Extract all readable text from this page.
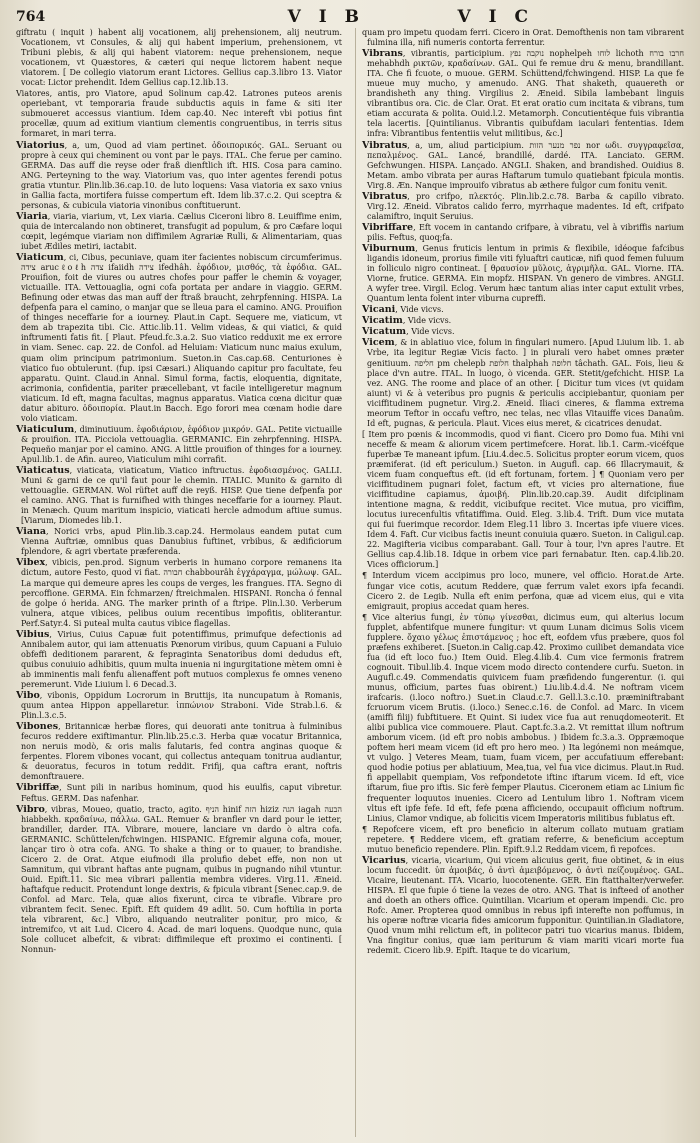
764	V I B	V I C

giftratu ( inquit ) habent alij vocationem, alij prehensionem, alij neutrum. Vocationem, vt Consules, & alij qui habent imperium, prehensionem, vt Tribuni plebis, & alij qui habent viatorem: neque prehensionem, neque vocationem, vt Quæstores, & cæteri qui neque lictorem habent neque viatorem. [ De collegio viatorum erant Lictores. Gellius cap.3.libro 13. Viator vocat: Lictor prehendit. Idem Gellius cap.12.lib.13.

Viatores, antis, pro Viatore, apud Solinum cap.42. Latrones puteos arenis operiebant, vt temporaria fraude subductis aquis in fame & siti iter submoueret accessus viantium. Idem cap.40. Nec intereft vbi potius fint procellæ, quum ad exitium viantium clementis congruentibus, in terris situs formaret, in mari terra.

Viatorius, a, um, Quod ad viam pertinet. ὁδοιπορικός. GAL. Seruant ou propre à ceux qui cheminent ou vont par le pays. ITAL. Che ferue per camino. GERMA. Das auff die reyse oder fraß dienftlich ift. HIS. Cosa para camino. ANG. Perteyning to the way. Viatorium vas, quo inter agentes ferendi potus gratia vtuntur. Plin.lib.36.cap.10. de luto loquens: Vasa viatoria ex saxo vnius in Gallia facta, mortifera fuisse compertum eft. Idem lib.37.c.2. Qui sceptra & personas, & cubicula viatoria vinonibus conftituerunt.

Viaria, viaria, viarium, vt, Lex viaria. Cælius Ciceroni libro 8. Leuiffime enim, quia de intercalando non obtineret, transfugit ad populum, & pro Cæfare loqui cœpit, legémque viariam non diffimilem Agrariæ Rulli, & Alimentariam, quas iubet Ædiles metiri, iactabit.

Viaticum, ci, Cibus, pecuniave, quam iter facientes nobiscum circumferimus. צידה arucℓoℓh צדה ifaiidh צידה ifedhâh. ἐφόδιον, μισθός, τὰ ἐφόδια. GAL. Prouifion, foit de viures ou autres chofes pour paffer le chemin & voyager, victuaille. ITA. Vettouaglia, ogni cofa portata per andare in viaggio. GERM. Befinung oder etwas das man auff der ftraß braucht, zehrpfenning. HISPA. La defpenfa para el camino, o manjar que se lleua para el camino. ANG. Prouifion of thinges neceffarie for a iourney. Plaut.in Capt. Sequere me, viaticum, vt dem ab trapezita tibi. Cic. Attic.lib.11. Velim videas, & qui viatici, & quid inftrumenti fatis fit. [ Plaut. Pfeud.fc.3.a.2. Suo viatico redduxit me ex errore in viam. Senec. cap. 22. de Confol. ad Heluiam: Viaticum nunc maius exulum, quam olim principum patrimonium. Sueton.in Cas.cap.68. Centuriones è viatico fuo obtulerunt. (fup. ipsi Cæsari.) Aliquando capitur pro facultate, feu apparatu. Quint. Claud.in Annal. Simul forma, factis, eloquentia, dignitate, acrimonia, confidentia, pariter præcellebant, vt facile intelligeretur magnum viaticum. Id eft, magna facultas, magnus apparatus. Viatica cœna dicitur quæ datur abituro. ὁδοιπορία. Plaut.in Bacch. Ego forori mea cœnam hodie dare volo viaticam.

Viaticulum, diminutiuum. ἐφοδιάριον, ἐφόδιον μικρόν. GAL. Petite victuaille & prouifion. ITA. Picciola vettouaglia. GERMANIC. Ein zehrpfenning. HISPA. Pequeño manjar por el camino. ANG. A little prouifion of thinges for a iourney. Apul.lib.1. de Afin. aureo, Viaticulum mihi corrafit.

Viaticatus, viaticata, viaticatum, Viatico inftructus. ἐφοδιασμένος. GALLI. Muni & garni de ce qu'il faut pour le chemin. ITALIC. Munito & garnito di vettouaglie. GERMAN. Wol rüftet auff die reyß. HISP. Que tiene defpenfa por el camino. ANG. That is furnifhed with thinges neceffarie for a iourney. Plaut. in Menæch. Quum maritum inspicio, viaticati hercle admodum aftiue sumus. [Viarum, Diomedes lib.1.

Viana, Norici vrbs, apud Plin.lib.3.cap.24. Hermolaus eandem putat cum Vienna Auftriæ, omnibus quas Danubius fuftinet, vrbibus, & ædificiorum fplendore, & agri vbertate præferenda.

Vibex, vibicis, pen.prod. Signum verberis in humano corpore remanens ita dictum, autore Festo, quod vi fiat. חבורה chabbourâh ἐγχάραγμα, μώλωψ. GAL. La marque qui demeure apres les coups de verges, les frangues. ITA. Segno di percoffione. GERMA. Ein fchmarzen/ ftreichmalen. HISPANI. Roncha ó fennal de golpe ó herida. ANG. The marker printh of a ftripe. Plin.l.30. Verberum vulnera, atque vibices, pelibus ouium recentibus impofitis, obliterantur. Perf.Satyr.4. Si puteal multa cautus vibice flagellas.

Vibius, Virius, Cuius Capuæ fuit potentiffimus, primufque defectionis ad Annibalem autor, qui iam attenuatis Pœnorum viribus, quum Capuani a Fuluio obfeffi deditionem pararent, & fepraginta Senatoribus domi dedudus eft, quibus conuiuio adhibitis, quum multa inuenia ni ingurgitatione mètem omni è ab imminentis mali fenfu alienaffent poft mutuos complexus fe omnes veneno peremerunt. Vide Liuium l. 6 Decad.3.

Vibo, vibonis, Oppidum Locrorum in Bruttijs, ita nuncupatum à Romanis, quum antea Hippon appellaretur. ἱππώνιον Straboni. Vide Strab.l.6. & Plin.l.3.c.5.

Vibones, Britannicæ herbæ flores, qui deuorati ante tonitrua à fulminibus fecuros reddere exiftimantur. Plin.lib.25.c.3. Herba quæ vocatur Britannica, non neruis modò, & oris malis falutaris, fed contra anginas quoque & ferpentes. Florem vibones vocant, qui collectus antequam tonitrua audiantur, & deuoratus, fecuros in totum reddit. Frifij, qua caftra erant, noftris demonftrauere.

Vibriffæ, Sunt pili in naribus hominum, quod his euulfis, caput vibretur. Feftus. GERM. Das nafenhar.

Vibro, vibras, Moueo, quatio, tracto, agito. הניף hinif הזה hiziz הגה iagah הבעה hiabbekh. κραδαίνω, πάλλω. GAL. Remuer & branfler vn dard pour le ietter, brandiller, darder. ITA. Vibrare, mouere, lanciare vn dardo ò altra cofa. GERMANIC. Schüttelen/fchwingen. HISPANIC. Efgremir alguna cofa, mouer, lançar tiro ò otra cofa. ANG. To shake a thing or to quauer, to brandishe. Cicero 2. de Orat. Atque eiufmodi illa prolufio debet effe, non non ut Samnitum, qui vibrant haftas ante pugnam, quibus in pugnando nihil vtuntur. Ouid. Epift.11. Sic mea vibrari pallentia membra videres. Virg.11. Æneid. haftafque reducit. Protendunt longe dextris, & fpicula vibrant [Senec.cap.9. de Confol. ad Marc. Tela, quæ alios fixerunt, circa te vibrafle. Vibrare pro vibrantem fecit. Senec. Epift. Eft quidem 49 adlit. 50. Cum hoftilia in porta tela vibrarent, &c.] Vibro, aliquando neutraliter ponitur, pro mico, & intremifco, vt ait Lud. Cicero 4. Acad. de mari loquens. Quodque nunc, quia Sole collucet albefcit, & vibrat: diffimileque eft proximo ei continenti. [ Nonnun-

quam pro impetu quodam ferri. Cicero in Orat. Demofthenis non tam vibrarent fulmina illa, nifi numeris contorta ferrentur.

Vibrans, vibrantis, participium. נוקבה נפץ nophelpeh לוחו lichoth חרבו בורח mehabhdh ρικτῶν, κραδαίνων. GAL. Qui fe remue dru & menu, brandillant. ITA. Che fi fcuote, o muoue. GERM. Schüttend/fchwingend. HISP. La que fe mueue muy mucho, y amenudo. ANG. That shaketh, quauereth or brandisheth any thing. Virgilius 2. Æneid. Sibila lambebant linguis vibrantibus ora. Cic. de Clar. Orat. Et erat oratio cum incitata & vibrans, tum etiam accurata & polita. Ouid.l.2. Metamorph. Concutientéque fuis vibrantia tela lacertis. [Quintilianus. Vibrantis quibufdam iaculari fententias. Idem infra: Vibrantibus fententiis velut militibus, &c.]

Vibratus, a, um, aliud participium. נפר מנער הזות nor ωδι. συγγραφεῖσα, πεπαλμένος. GAL. Lancé, brandillé, dardé. ITA. Lanciato. GERM. Gefchwungen. HISPA. Lançado. ANGLI. Shaken, and brandished. Ouidius 8. Metam. ambo vibrata per auras Haftarum tumulo quatiebant fpicula montis. Virg.8. Æn. Nanque improuifo vibratus ab æthere fulgor cum fonitu venit.

Vibratus, pro crifpo, πλεκτός. Plin.lib.2.c.78. Barba & capillo vibrato. Virg.12. Æneid. Vibratos calido ferro, myrrhaque madentes. Id eft, crifpato calamiftro, inquit Seruius.

Vibriffare, Eft vocem in cantando crifpare, à vibratu, vel à vibriffis narium pilis. Feftus, quoq;fa.

Viburnum, Genus fruticis lentum in primis & flexibile, idéoque fafcibus ligandis idoneum, prorius fimile viti fyluaftri cauticæ, nifi quod femen fuluum in folliculo nigro contineat. [ θραυσίον μῦλοις, ἀγριμῆλα. GAL. Viorne. ITA. Viorne, frutice. GERMA. Ein mopfz. HISPAN. Vn genero de vimbres. ANGLI. A wyfer tree. Virgil. Eclog. Verum hæc tantum alias inter caput extulit vrbes, Quantum lenta folent inter viburna cupreffi.

Vicani, Vide vicvs.

Vicatim, Vide vicvs.

Vicatum, Vide vicvs.

Vicem, & in ablatiuo vice, folum in fingulari numero. [Apud Liuium lib. 1. ab Vrbe, ita legitur Regiæ Vicis facto. ] in plurali vero habet omnes præter genitiuum. חליפה pm chelepb חלופת thalphah חלופה tâchath. GAL. Fois, lieu & place d'vn autre. ITAL. In luogo, ò vicenda. GER. Stetit/gefchicht. HISP. La vez. ANG. The roome and place of an other. [ Dicitur tum vices (vt quidam aiunt) vi & à veteribus pro pugnis & periculis accipiebantur, quoniam per viciffitudinem pugnetur. Virg.2. Æneid. Iliaci cineres, & flamma extrema meorum Teftor in occafu veftro, nec telas, nec vllas Vitauiffe vices Danaûm. Id eft, pugnas, & pericula. Plaut. Vices eius meret, & cicatrices denudat.

[ Item pro pœnis & incommodis, quod vi fiant. Cicero pro Domo fua. Mihi vni neceffe & meam & aliorum vicem pertimefcere. Horat. lib.1. Carm.-vicéfque fuperbæ Te maneant ipfum. [Liu.4.dec.5. Solicitus propter eorum vicem, quos præmiferat. (id eft periculum.) Sueton. in Augufl. cap. 66 Illacrymauit, & vicem fuam conqueftus eft. (id eft fortunam, fortem. ] ¶ Quoniam vero per viciffitudinem pugnari folet, factum eft, vt vicies pro alternatione, fiue viciffitudine capiamus, ἀμοιβή. Plin.lib.20.cap.39. Audit difciplinam intentione magna, & reddit, vicibufque recitet. Vice mutua, pro viciffim, locutus iurecenfultis vfitatiffima. Ouid. Eleg. 3.lib.4. Trift. Dum vice mutata qui fui fuerimque recordor. Idem Eleg.11 libro 3. Incertas ipfe viuere vices. Idem 4. Faft. Cur vicibus factis ineunt conuiuia quæro. Sueton. in Caligul.cap. 22. Magifteria vicibus comparabant. Gall. Tour à tour, l'vn apres l'autre. Et Gellius cap.4.lib.18. Idque in orbem vice pari fernabatur. Iten. cap.4.lib.20. Vices officiorum.]

¶ Interdum vicem accipimus pro loco, munere, vel officio. Horat.de Arte. fungar vice cotis, acutum Reddere, quæ ferrum valet exors ipfa fecandi. Cicero 2. de Legib. Nulla eft enim perfona, quæ ad vicem eius, qui e vita emigrauit, propius accedat quam heres.

¶ Vice alterius fungi, ἐν τύπῳ γίνεσθαι, dicimus eum, qui alterius locum fupplet, abfentifque munere fungitur: vt quum Lunam dicimus Solis vicem fupplere. ὄχαιο γέλως ἐπιστάμενος ; hoc eft, eofdem vfus præbere, quos fol præfens exhiberet. [Sueton.in Calig.cap.42. Proximo cuilibet demandata vice fua (id eft loco fuo.) Item Ouid. Eleg.4.lib.4. Cum vice fermonis fratrem cognouit. Tibul.lib.4. Inque vicem modo directo contendere curfu. Sueton. in Augufl.c.49. Commendatis quivicem fuam præfidendo fungerentur. (i. qui munus, officium, partes fuas obirent.) Liu.lib.4.d.4. Ne noftram vicem irafcaris. (i.loco noftro.) Suet.in Claud.c.7. Gell.l.3.c.10. præminiftrabant fcruorum vicem Brutis. (i.loco.) Senec.c.16. de Confol. ad Marc. In vicem (amiffi filij) fubftituere. Et Quint. Si iudex vice fua aut renuqdomeoterit. Et alibi publica vice commouere. Plaut. Capt.fc.3.a.2. Vt remittat illum noftrum amborum vicem. (id eft pro nobis ambobus. ) Ibidem fc.3.a.3. Oppræmoque poftem heri meam vicem (id eft pro hero meo. ) Ita legónemi non meámque, vt vulgo. ] Veteres Meam, tuam, fuam vicem, per accufatiuum efferebant: quod hodie potius per ablatiuum, Mea,tua, vel fua vice dicimus. Plaut.in Rud. fi appellabit quempiam, Vos refpondetote iftinc iftarum vicem. Id eft, vice iftarum, fiue pro iftis. Sic ferè femper Plautus. Ciceronem etiam ac Linium fic frequenter loquutos inuenies. Cicero ad Lentulum libro 1. Noftram vicem vltus eft ipfe fefe. Id eft, fefe pœna afficiendo, occupauit officium noftrum. Linius, Clamor vndique, ab folicitis vicem Imperatoris militibus fublatus eft.

¶ Repofcere vicem, eft pro beneficio in alterum collato mutuam gratiam repetere. ¶ Reddere vicem, eft gratiam referre, & beneficium acceptum mutuo beneficio rependere. Plin. Epift.9.l.2 Reddam vicem, fi repofces.

Vicarius, vicaria, vicarium, Qui vicem alicuius gerit, fiue obtinet, & in eius locum fuccedit. ὑπ ἀμοιβάς, ὁ ἀντὶ ἀμειβόμενος, ὁ ἀντὶ πείζουμένος. GAL. Vicaire, lieutenant. ITA. Vicario, luocotenente. GER. Ein ftatthalter/verwefer. HISPA. El que fupie ó tiene la vezes de otro. ANG. That is infteed of another and doeth an others office. Quintilian. Vicarium et operam impendi. Cic. pro Rofc. Amer. Propterea quod omnibus in rebus ipfi interefte non poffumus, in his operæ noftræ vicaria fides amicorum fupponitur. Quintilian.in Gladiatore, Quod vnum mihi relictum eft, in politecor patri tuo vicarius manus. Ibidem, Vna fingitur conius, quæ iam periturum & viam mariti vicari morte fua redemit. Cicero lib.9. Epift. Itaque te do vicarium,
